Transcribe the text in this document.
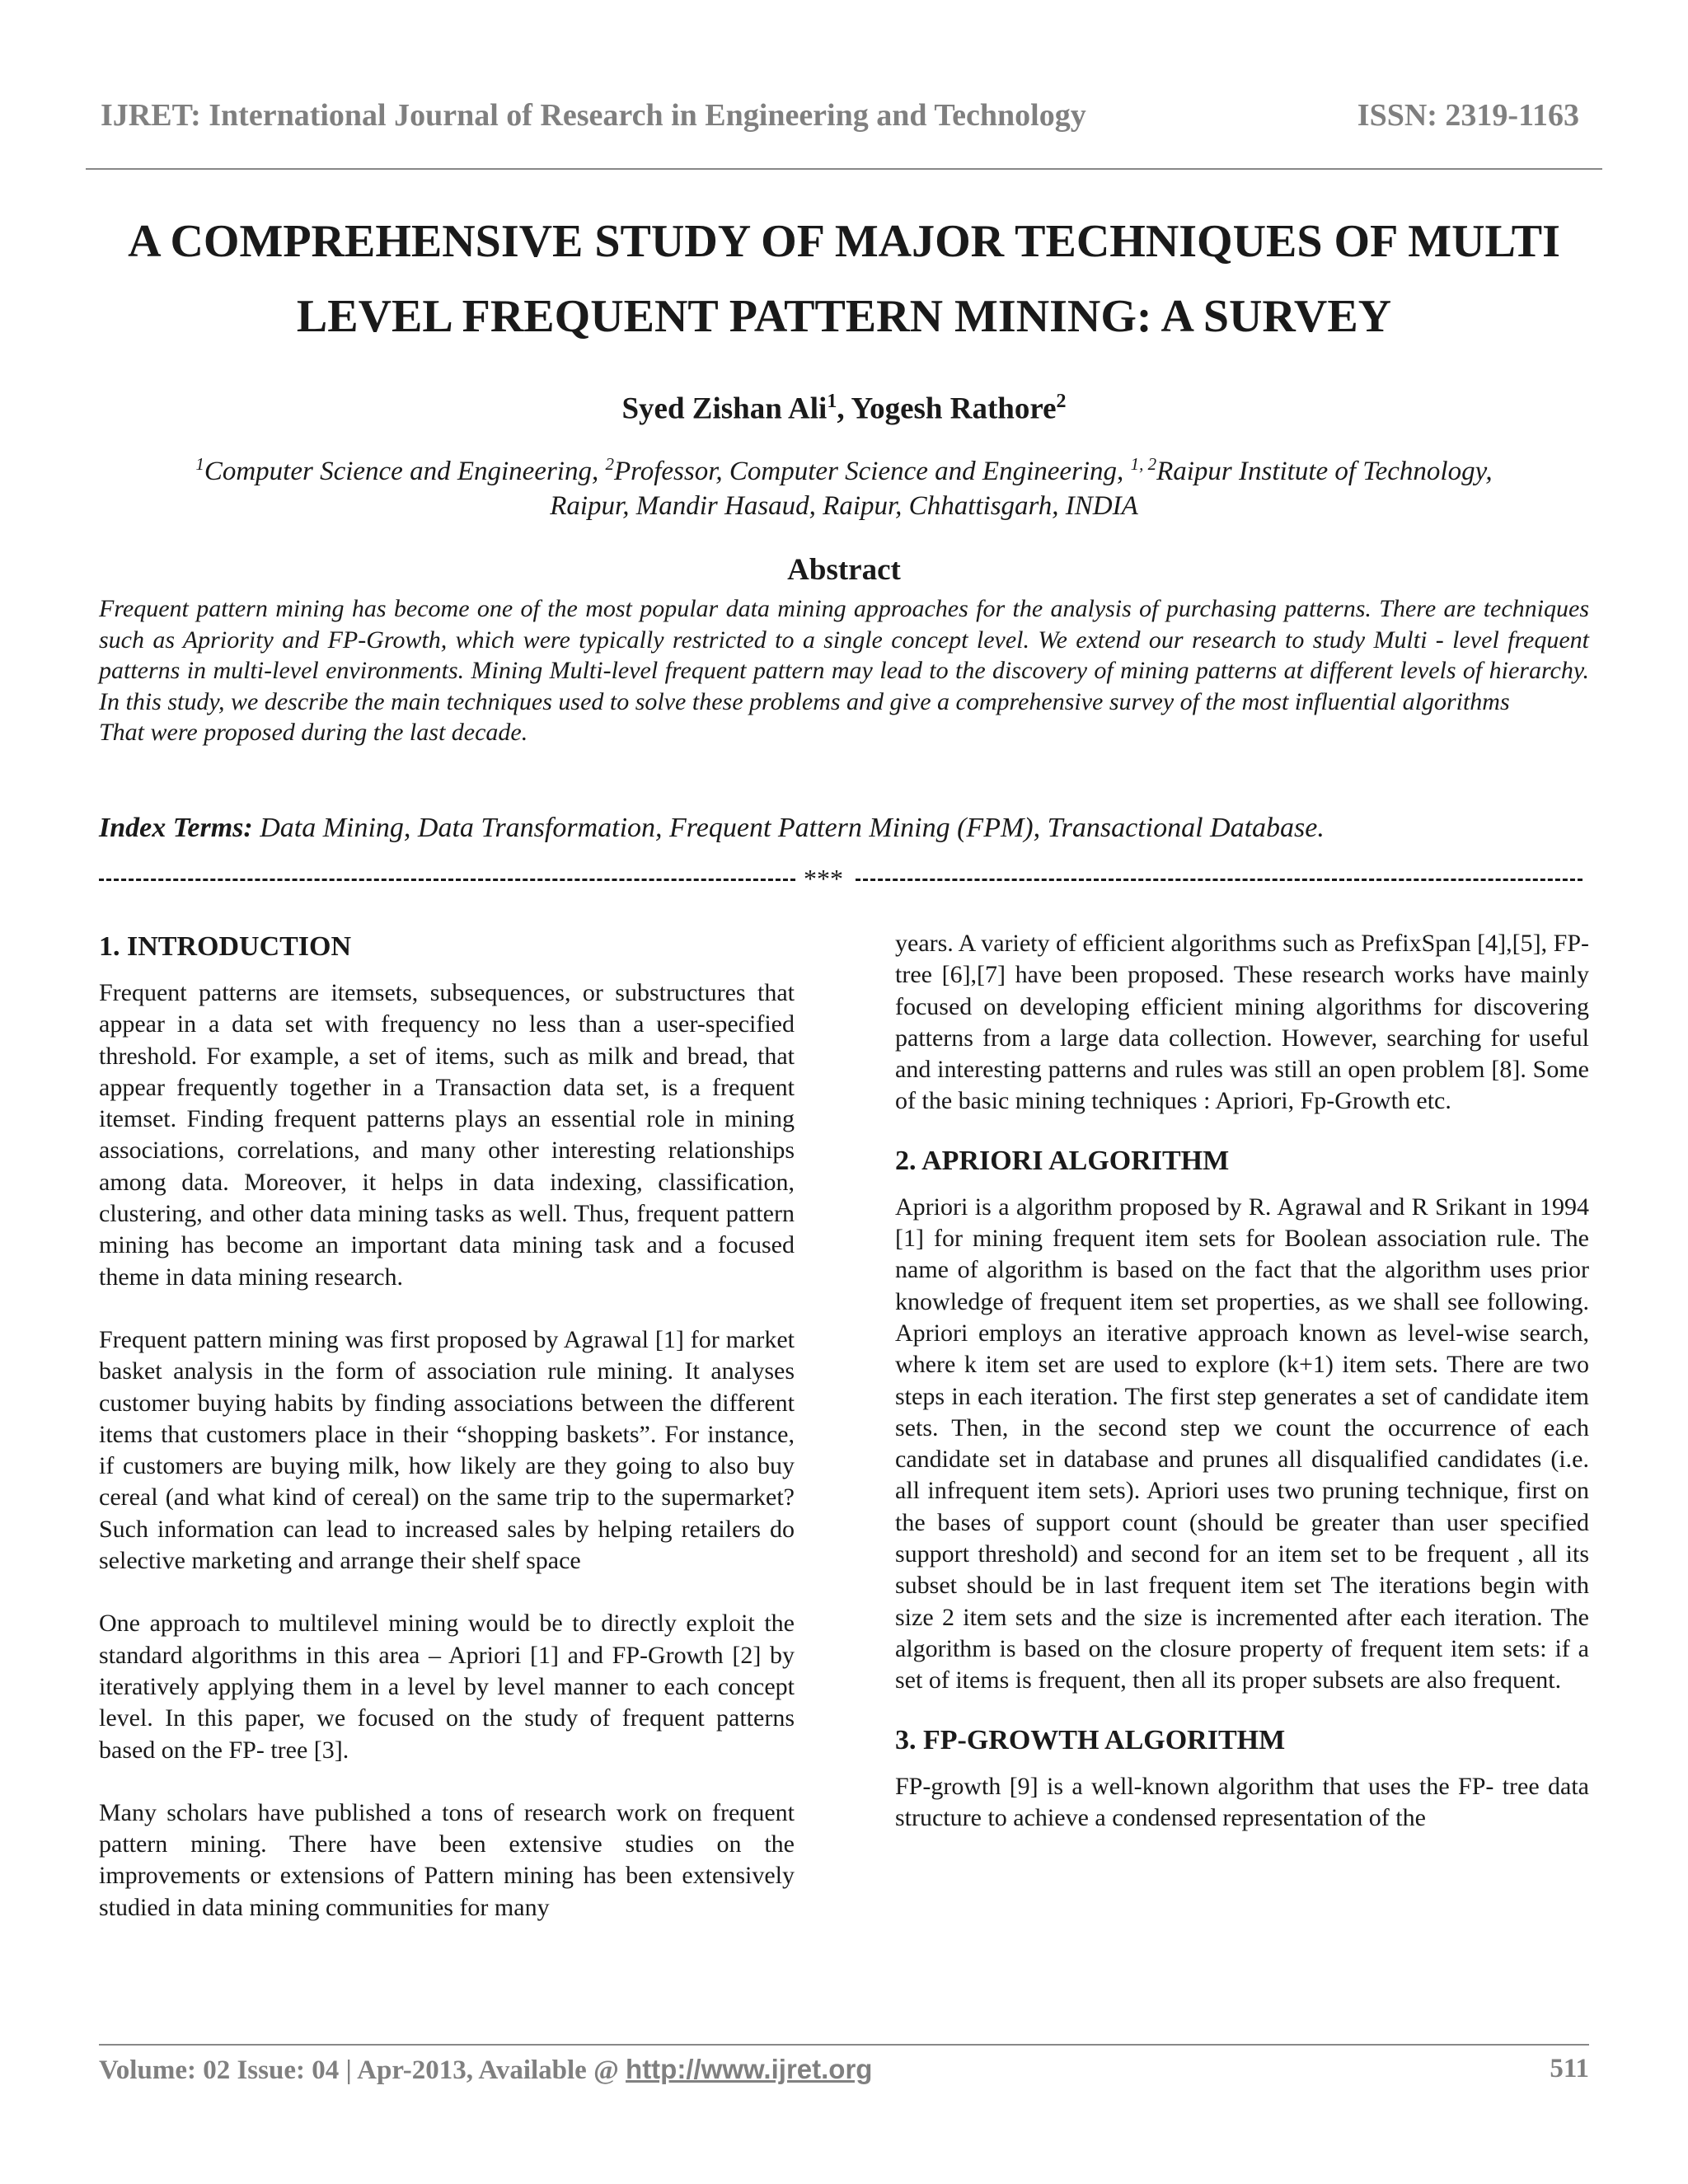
IJRET: International Journal of Research in Engineering and Technology	ISSN: 2319-1163
A COMPREHENSIVE STUDY OF MAJOR TECHNIQUES OF MULTI
LEVEL FREQUENT PATTERN MINING: A SURVEY
Syed Zishan Ali$^1$, Yogesh Rathore$^2$
$^1$Computer Science and Engineering, $^2$Professor, Computer Science and Engineering, $^{1, 2}$Raipur Institute of Technology,
Raipur, Mandir Hasaud, Raipur, Chhattisgarh, INDIA
Abstract
Frequent pattern mining has become one of the most popular data mining approaches for the analysis of purchasing patterns. There are techniques such as Apriority and FP-Growth, which were typically restricted to a single concept level. We extend our research to study Multi - level frequent patterns in multi-level environments. Mining Multi-level frequent pattern may lead to the discovery of mining patterns at different levels of hierarchy. In this study, we describe the main techniques used to solve these problems and give a comprehensive survey of the most influential algorithms
That were proposed during the last decade.
Index Terms: Data Mining, Data Transformation, Frequent Pattern Mining (FPM), Transactional Database.
***
1. INTRODUCTION

Frequent patterns are itemsets, subsequences, or substructures that appear in a data set with frequency no less than a user-specified threshold. For example, a set of items, such as milk and bread, that appear frequently together in a Transaction data set, is a frequent itemset. Finding frequent patterns plays an essential role in mining associations, correlations, and many other interesting relationships among data. Moreover, it helps in data indexing, classification, clustering, and other data mining tasks as well. Thus, frequent pattern mining has become an important data mining task and a focused theme in data mining research.

Frequent pattern mining was first proposed by Agrawal [1] for market basket analysis in the form of association rule mining. It analyses customer buying habits by finding associations between the different items that customers place in their “shopping baskets”. For instance, if customers are buying milk, how likely are they going to also buy cereal (and what kind of cereal) on the same trip to the supermarket? Such information can lead to increased sales by helping retailers do selective marketing and arrange their shelf space

One approach to multilevel mining would be to directly exploit the standard algorithms in this area – Apriori [1] and FP-Growth [2] by iteratively applying them in a level by level manner to each concept level. In this paper, we focused on the study of frequent patterns based on the FP- tree [3].

Many scholars have published a tons of research work on frequent pattern mining. There have been extensive studies on the improvements or extensions of Pattern mining has been extensively studied in data mining communities for many

years. A variety of efficient algorithms such as PrefixSpan [4],[5], FP-tree [6],[7] have been proposed. These research works have mainly focused on developing efficient mining algorithms for discovering patterns from a large data collection. However, searching for useful and interesting patterns and rules was still an open problem [8]. Some of the basic mining techniques : Apriori, Fp-Growth etc.

2. APRIORI ALGORITHM

Apriori is a algorithm proposed by R. Agrawal and R Srikant in 1994 [1] for mining frequent item sets for Boolean association rule. The name of algorithm is based on the fact that the algorithm uses prior knowledge of frequent item set properties, as we shall see following. Apriori employs an iterative approach known as level-wise search, where k item set are used to explore (k+1) item sets. There are two steps in each iteration. The first step generates a set of candidate item sets. Then, in the second step we count the occurrence of each candidate set in database and prunes all disqualified candidates (i.e. all infrequent item sets). Apriori uses two pruning technique, first on the bases of support count (should be greater than user specified support threshold) and second for an item set to be frequent , all its subset should be in last frequent item set The iterations begin with size 2 item sets and the size is incremented after each iteration. The algorithm is based on the closure property of frequent item sets: if a set of items is frequent, then all its proper subsets are also frequent.

3. FP-GROWTH ALGORITHM

FP-growth [9] is a well-known algorithm that uses the FP- tree data structure to achieve a condensed representation of the

Volume: 02 Issue: 04 | Apr-2013, Available @ http://www.ijret.org	511
